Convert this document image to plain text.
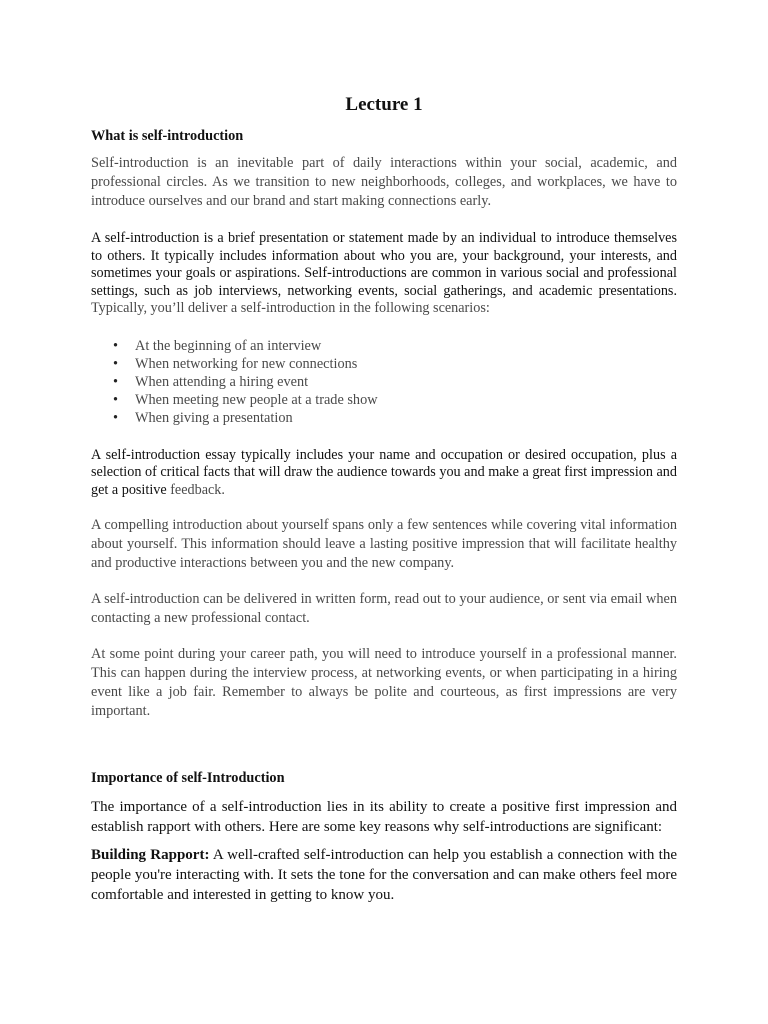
Lecture 1
What is self-introduction

Self-introduction is an inevitable part of daily interactions within your social, academic, and professional circles. As we transition to new neighborhoods, colleges, and workplaces, we have to introduce ourselves and our brand and start making connections early.

A self-introduction is a brief presentation or statement made by an individual to introduce themselves to others. It typically includes information about who you are, your background, your interests, and sometimes your goals or aspirations. Self-introductions are common in various social and professional settings, such as job interviews, networking events, social gatherings, and academic presentations. Typically, you’ll deliver a self-introduction in the following scenarios:

• At the beginning of an interview
• When networking for new connections
• When attending a hiring event
• When meeting new people at a trade show
• When giving a presentation

A self-introduction essay typically includes your name and occupation or desired occupation, plus a selection of critical facts that will draw the audience towards you and make a great first impression and get a positive feedback.

A compelling introduction about yourself spans only a few sentences while covering vital information about yourself. This information should leave a lasting positive impression that will facilitate healthy and productive interactions between you and the new company.

A self-introduction can be delivered in written form, read out to your audience, or sent via email when contacting a new professional contact.

At some point during your career path, you will need to introduce yourself in a professional manner. This can happen during the interview process, at networking events, or when participating in a hiring event like a job fair. Remember to always be polite and courteous, as first impressions are very important.

Importance of self-Introduction

The importance of a self-introduction lies in its ability to create a positive first impression and establish rapport with others. Here are some key reasons why self-introductions are significant:

Building Rapport: A well-crafted self-introduction can help you establish a connection with the people you're interacting with. It sets the tone for the conversation and can make others feel more comfortable and interested in getting to know you.
